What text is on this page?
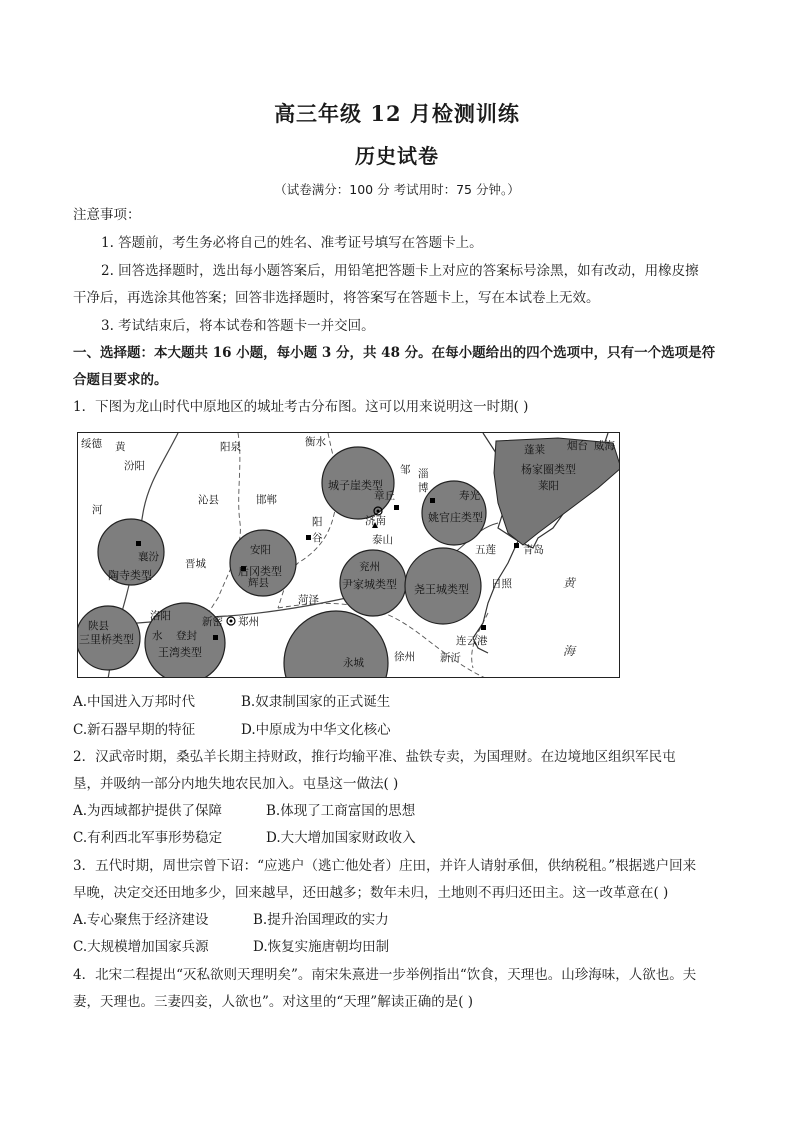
高三年级 12 月检测训练
历史试卷
（试卷满分：100 分 考试用时：75 分钟。）
注意事项：
1. 答题前，考生务必将自己的姓名、准考证号填写在答题卡上。
2. 回答选择题时，选出每小题答案后，用铅笔把答题卡上对应的答案标号涂黑，如有改动，用橡皮擦
干净后，再选涂其他答案；回答非选择题时，将答案写在答题卡上，写在本试卷上无效。
3. 考试结束后，将本试卷和答题卡一并交回。
一、选择题：本大题共 16 小题，每小题 3 分，共 48 分。在每小题给出的四个选项中，只有一个选项是符
合题目要求的。
1．下图为龙山时代中原地区的城址考古分布图。这可以用来说明这一时期( )
绥德 黄
汾阳
阳泉	衡水
沁县	邯郸
阳
谷
邹 淄
博
章丘
济南
泰山
寿光
蓬莱 烟台 威海
莱阳
青岛
五莲
日照
兖州
襄汾
晋城
安阳
辉县
菏泽
洛阳
登封
新密 郑州
陕县
永城	徐州 新沂
连云港
河
水
城子崖类型
杨家圈类型
姚官庄类型
陶寺类型	后冈类型
尹家城类型 尧王城类型
三里桥类型
王湾类型
黄
海
A.中国进入万邦时代	B.奴隶制国家的正式诞生
C.新石器早期的特征	D.中原成为中华文化核心
2．汉武帝时期，桑弘羊长期主持财政，推行均输平准、盐铁专卖，为国理财。在边境地区组织军民屯
垦，并吸纳一部分内地失地农民加入。屯垦这一做法( )
A.为西域都护提供了保障	B.体现了工商富国的思想
C.有利西北军事形势稳定	D.大大增加国家财政收入
3．五代时期，周世宗曾下诏：“应逃户（逃亡他处者）庄田，并许人请射承佃，供纳税租。”根据逃户回来
早晚，决定交还田地多少，回来越早，还田越多；数年未归，土地则不再归还田主。这一改革意在( )
A.专心聚焦于经济建设	B.提升治国理政的实力
C.大规模增加国家兵源	D.恢复实施唐朝均田制
4．北宋二程提出“灭私欲则天理明矣”。南宋朱熹进一步举例指出“饮食，天理也。山珍海味，人欲也。夫
妻，天理也。三妻四妾，人欲也”。对这里的“天理”解读正确的是( )
